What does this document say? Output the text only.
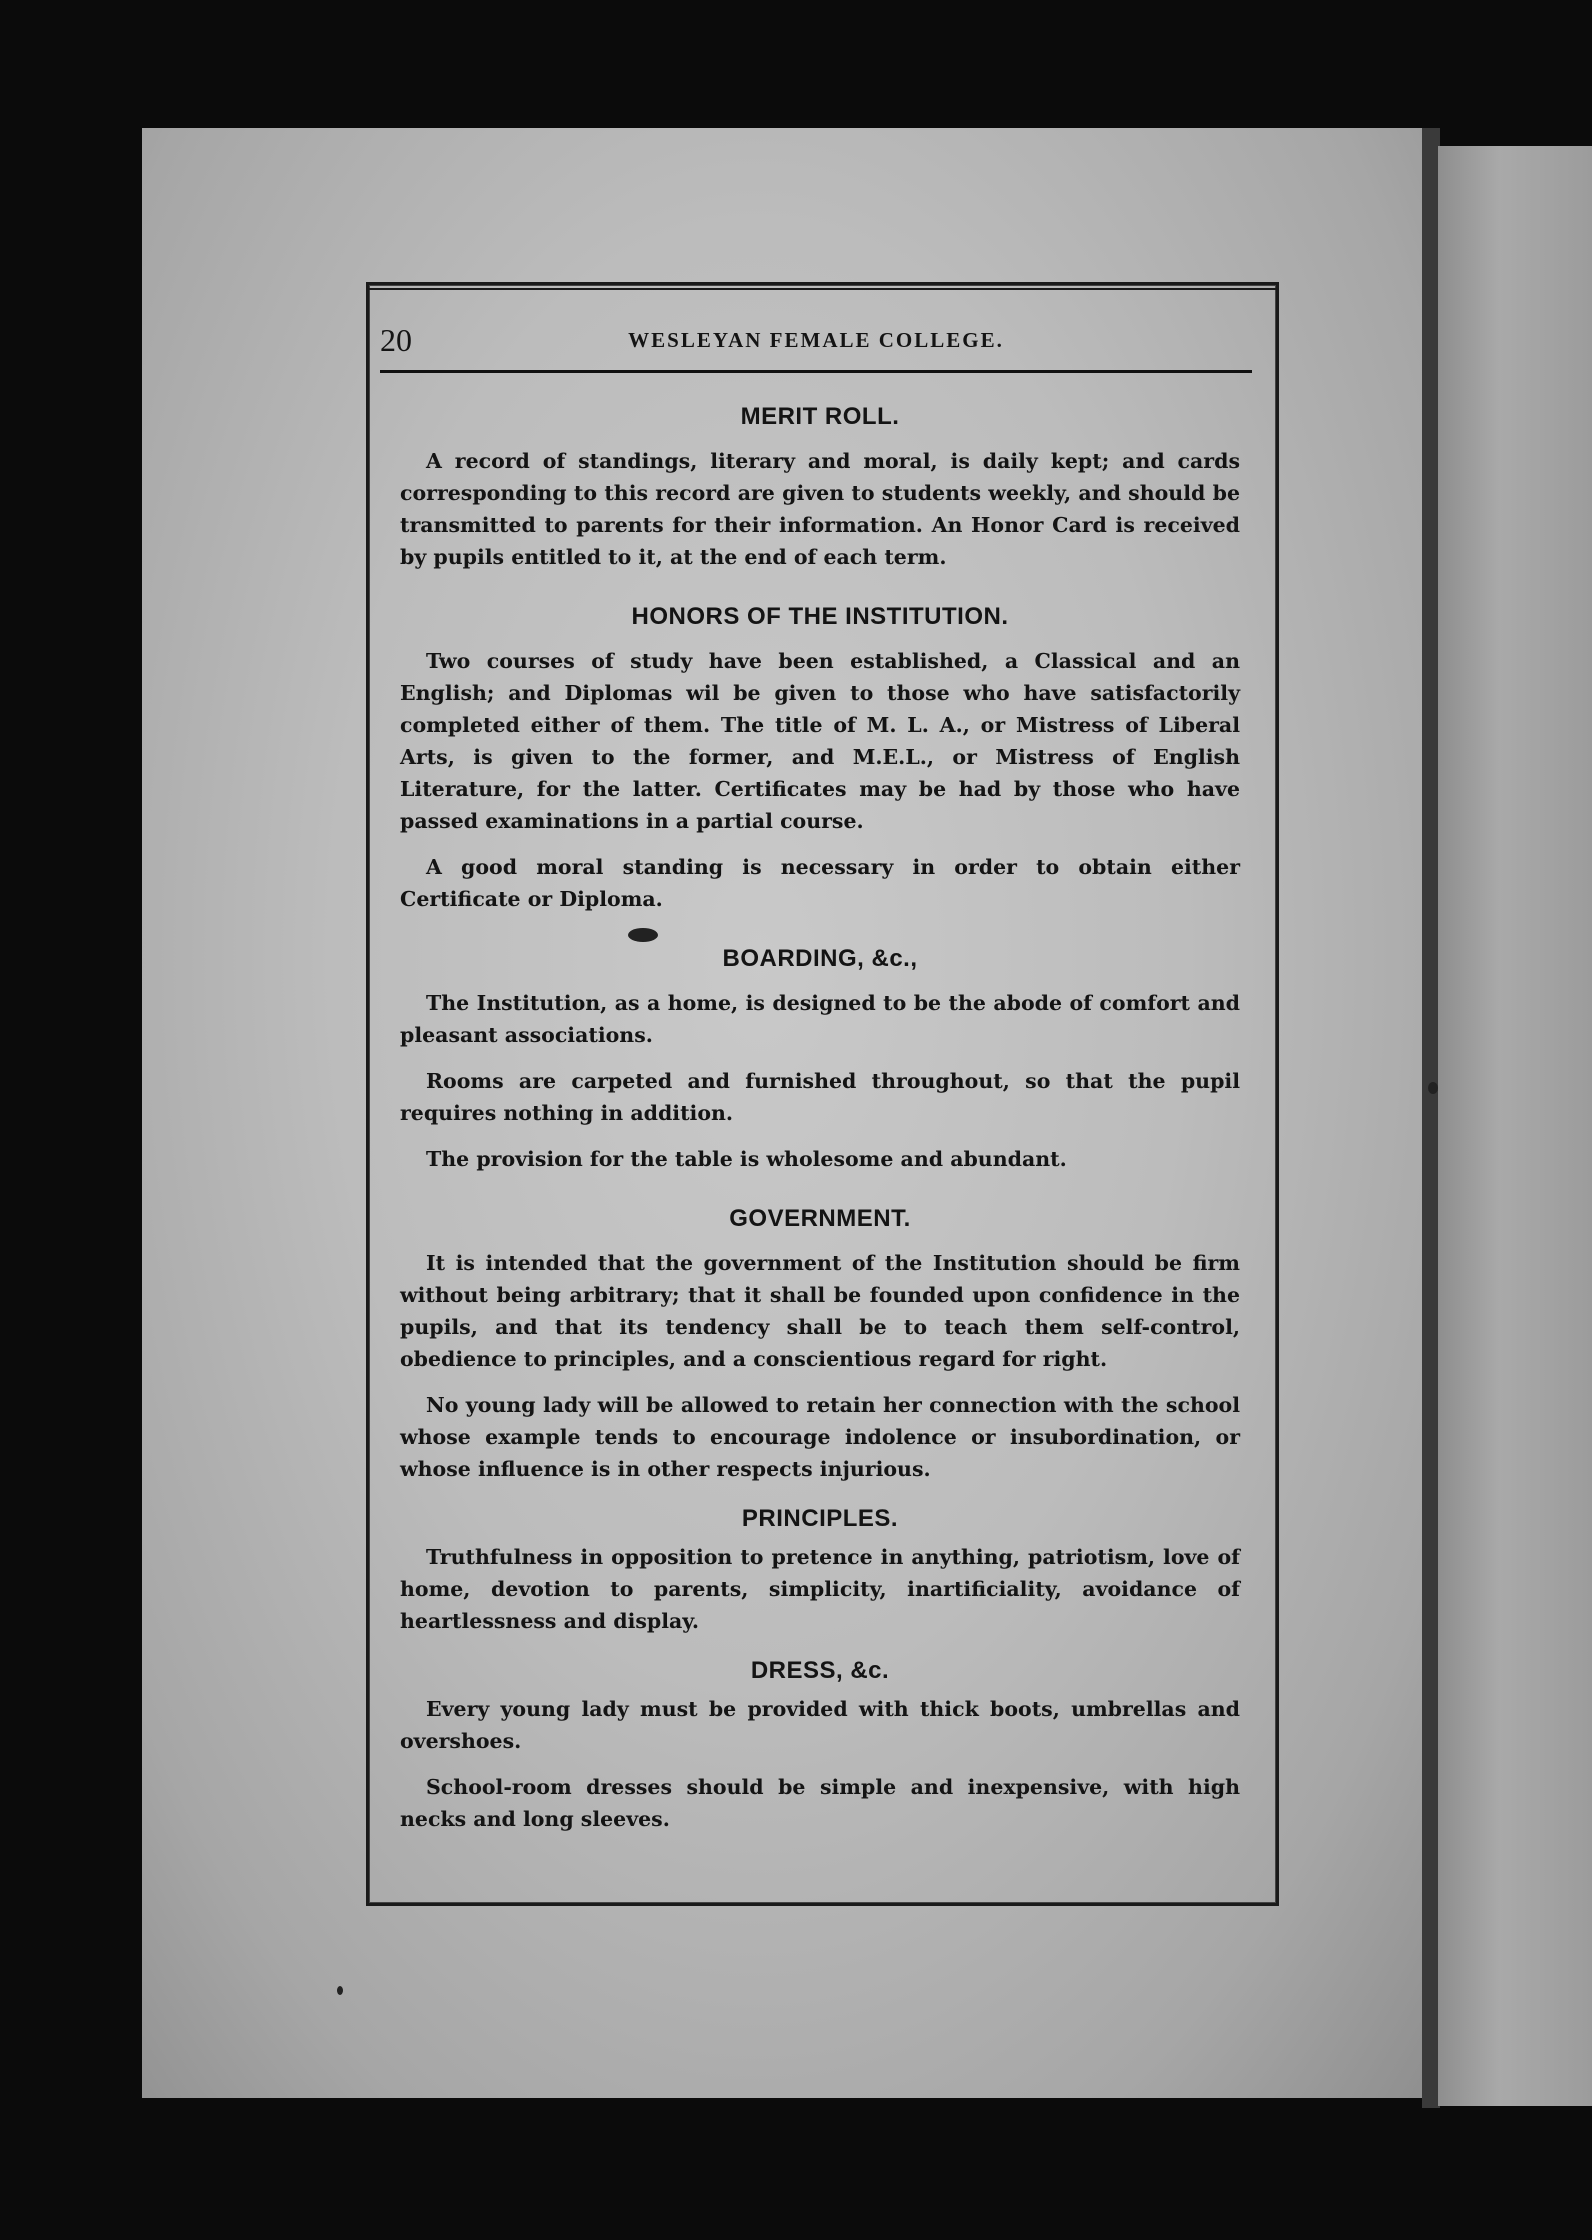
20	WESLEYAN FEMALE COLLEGE.
MERIT ROLL.

A record of standings, literary and moral, is daily kept; and cards corresponding to this record are given to students weekly, and should be transmitted to parents for their information. An Honor Card is received by pupils entitled to it, at the end of each term.

HONORS OF THE INSTITUTION.

Two courses of study have been established, a Classical and an English; and Diplomas wil be given to those who have satisfactorily completed either of them. The title of M. L. A., or Mistress of Liberal Arts, is given to the former, and M.E.L., or Mistress of English Literature, for the latter. Certificates may be had by those who have passed examinations in a partial course.

A good moral standing is necessary in order to obtain either Certificate or Diploma.

BOARDING, &c.,

The Institution, as a home, is designed to be the abode of comfort and pleasant associations.

Rooms are carpeted and furnished throughout, so that the pupil requires nothing in addition.

The provision for the table is wholesome and abundant.

GOVERNMENT.

It is intended that the government of the Institution should be firm without being arbitrary; that it shall be founded upon confidence in the pupils, and that its tendency shall be to teach them self-control, obedience to principles, and a conscientious regard for right.

No young lady will be allowed to retain her connection with the school whose example tends to encourage indolence or insubordination, or whose influence is in other respects injurious.

PRINCIPLES.

Truthfulness in opposition to pretence in anything, patriotism, love of home, devotion to parents, simplicity, inartificiality, avoidance of heartlessness and display.

DRESS, &c.

Every young lady must be provided with thick boots, umbrellas and overshoes.

School-room dresses should be simple and inexpensive, with high necks and long sleeves.
